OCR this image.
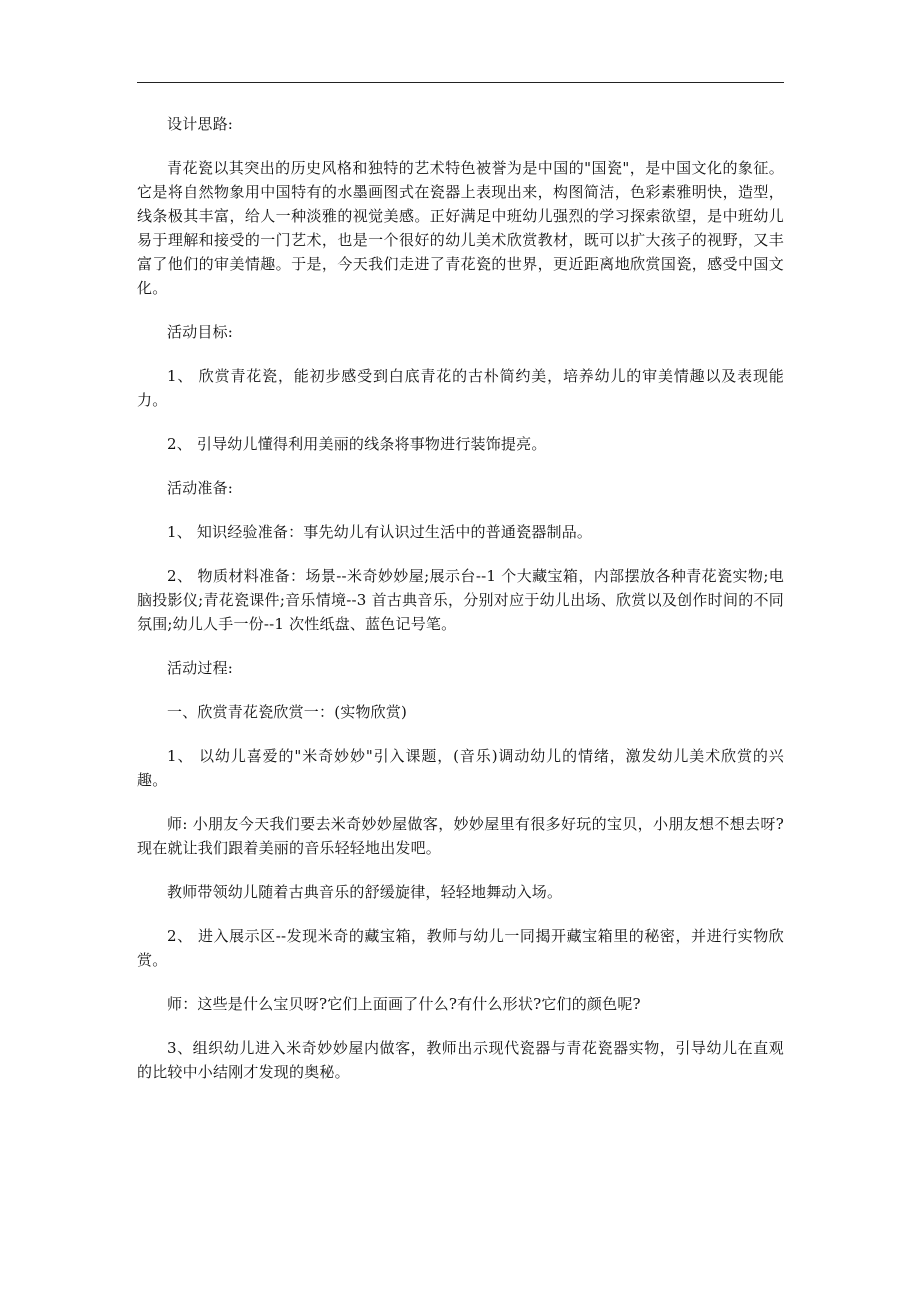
设计思路:

青花瓷以其突出的历史风格和独特的艺术特色被誉为是中国的"国瓷"，是中国文化的象征。它是将自然物象用中国特有的水墨画图式在瓷器上表现出来，构图简洁，色彩素雅明快，造型，线条极其丰富，给人一种淡雅的视觉美感。正好满足中班幼儿强烈的学习探索欲望，是中班幼儿易于理解和接受的一门艺术，也是一个很好的幼儿美术欣赏教材，既可以扩大孩子的视野，又丰富了他们的审美情趣。于是，今天我们走进了青花瓷的世界，更近距离地欣赏国瓷，感受中国文化。

活动目标:

1、 欣赏青花瓷，能初步感受到白底青花的古朴简约美，培养幼儿的审美情趣以及表现能力。

2、 引导幼儿懂得利用美丽的线条将事物进行装饰提亮。

活动准备:

1、 知识经验准备：事先幼儿有认识过生活中的普通瓷器制品。

2、 物质材料准备：场景--米奇妙妙屋;展示台--1 个大藏宝箱，内部摆放各种青花瓷实物;电脑投影仪;青花瓷课件;音乐情境--3 首古典音乐，分别对应于幼儿出场、欣赏以及创作时间的不同氛围;幼儿人手一份--1 次性纸盘、蓝色记号笔。

活动过程:

一、欣赏青花瓷欣赏一：(实物欣赏)

1、 以幼儿喜爱的"米奇妙妙"引入课题，(音乐)调动幼儿的情绪，激发幼儿美术欣赏的兴趣。

师: 小朋友今天我们要去米奇妙妙屋做客，妙妙屋里有很多好玩的宝贝，小朋友想不想去呀?现在就让我们跟着美丽的音乐轻轻地出发吧。

教师带领幼儿随着古典音乐的舒缓旋律，轻轻地舞动入场。

2、 进入展示区--发现米奇的藏宝箱，教师与幼儿一同揭开藏宝箱里的秘密，并进行实物欣赏。

师：这些是什么宝贝呀?它们上面画了什么?有什么形状?它们的颜色呢?

3、组织幼儿进入米奇妙妙屋内做客，教师出示现代瓷器与青花瓷器实物，引导幼儿在直观的比较中小结刚才发现的奥秘。
